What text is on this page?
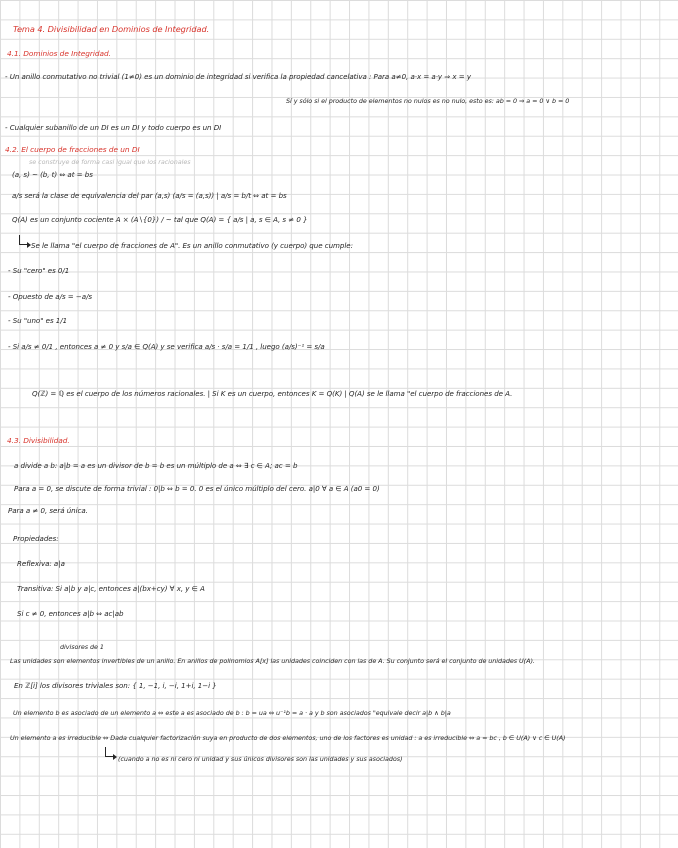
Tema 4. Divisibilidad en Dominios de Integridad.
4.1. Dominios de Integridad.
- Un anillo conmutativo no trivial (1≠0) es un dominio de integridad si verifica la propiedad cancelativa : Para a≠0, a·x = a·y ⇒ x = y
Sí y sólo si el producto de elementos no nulos es no nulo, esto es: ab = 0 ⇒ a = 0 ∨ b = 0
- Cualquier subanillo de un DI es un DI y todo cuerpo es un DI
4.2. El cuerpo de fracciones de un DI
se construye de forma casi igual que los racionales
(a, s) ~ (b, t) ⇔ at = bs
a/s será la clase de equivalencia del par (a,s) (a/s = (a,s)) | a/s = b/t ⇔ at = bs
Q(A) es un conjunto cociente A × (A∖{0}) / ~ tal que Q(A) = { a/s | a, s ∈ A, s ≠ 0 }
Se le llama "el cuerpo de fracciones de A". Es un anillo conmutativo (y cuerpo) que cumple:
- Su "cero" es 0/1
- Opuesto de a/s = −a/s
- Su "uno" es 1/1
- Si a/s ≠ 0/1 , entonces a ≠ 0 y s/a ∈ Q(A) y se verifica a/s · s/a = 1/1 , luego (a/s)⁻¹ = s/a
Q(ℤ) = ℚ es el cuerpo de los números racionales. | Si K es un cuerpo, entonces K = Q(K) | Q(A) se le llama "el cuerpo de fracciones de A.
4.3. Divisibilidad.
a divide a b: a|b = a es un divisor de b = b es un múltiplo de a ⇔ ∃ c ∈ A; ac = b
Para a = 0, se discute de forma trivial : 0|b ⇔ b = 0. 0 es el único múltiplo del cero. a|0 ∀ a ∈ A (a0 = 0)
Para a ≠ 0, será única.
Propiedades:
Reflexiva: a|a
Transitiva: Si a|b y a|c, entonces a|(bx+cy) ∀ x, y ∈ A
Si c ≠ 0, entonces a|b ⇔ ac|ab
divisores de 1
Las unidades son elementos invertibles de un anillo. En anillos de polinomios A[x] las unidades coinciden con las de A. Su conjunto será el conjunto de unidades U(A).
En ℤ[i] los divisores triviales son: { 1, −1, i, −i, 1+i, 1−i }
Un elemento b es asociado de un elemento a ⇔ este a es asociado de b : b = ua ⇔ u⁻¹b = a · a y b son asociados "equivale decir a|b ∧ b|a
Un elemento a es irreducible ⇔ Dada cualquier factorización suya en producto de dos elementos, uno de los factores es unidad : a es irreducible ⇔ a = bc , b ∈ U(A) ∨ c ∈ U(A)
(cuando a no es ni cero ni unidad y sus únicos divisores son las unidades y sus asociados)
